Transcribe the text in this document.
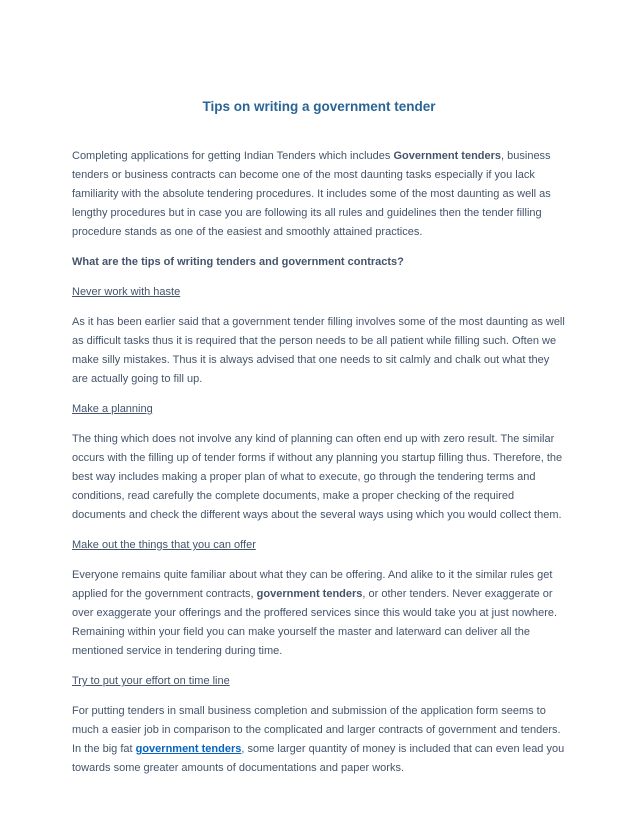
Tips on writing a government tender

Completing applications for getting Indian Tenders which includes Government tenders, business tenders or business contracts can become one of the most daunting tasks especially if you lack familiarity with the absolute tendering procedures. It includes some of the most daunting as well as lengthy procedures but in case you are following its all rules and guidelines then the tender filling procedure stands as one of the easiest and smoothly attained practices.

What are the tips of writing tenders and government contracts?

Never work with haste

As it has been earlier said that a government tender filling involves some of the most daunting as well as difficult tasks thus it is required that the person needs to be all patient while filling such. Often we make silly mistakes. Thus it is always advised that one needs to sit calmly and chalk out what they are actually going to fill up.

Make a planning

The thing which does not involve any kind of planning can often end up with zero result. The similar occurs with the filling up of tender forms if without any planning you startup filling thus. Therefore, the best way includes making a proper plan of what to execute, go through the tendering terms and conditions, read carefully the complete documents, make a proper checking of the required documents and check the different ways about the several ways using which you would collect them.

Make out the things that you can offer

Everyone remains quite familiar about what they can be offering. And alike to it the similar rules get applied for the government contracts, government tenders, or other tenders. Never exaggerate or over exaggerate your offerings and the proffered services since this would take you at just nowhere. Remaining within your field you can make yourself the master and laterward can deliver all the mentioned service in tendering during time.

Try to put your effort on time line

For putting tenders in small business completion and submission of the application form seems to much a easier job in comparison to the complicated and larger contracts of government and tenders. In the big fat government tenders, some larger quantity of money is included that can even lead you towards some greater amounts of documentations and paper works.
